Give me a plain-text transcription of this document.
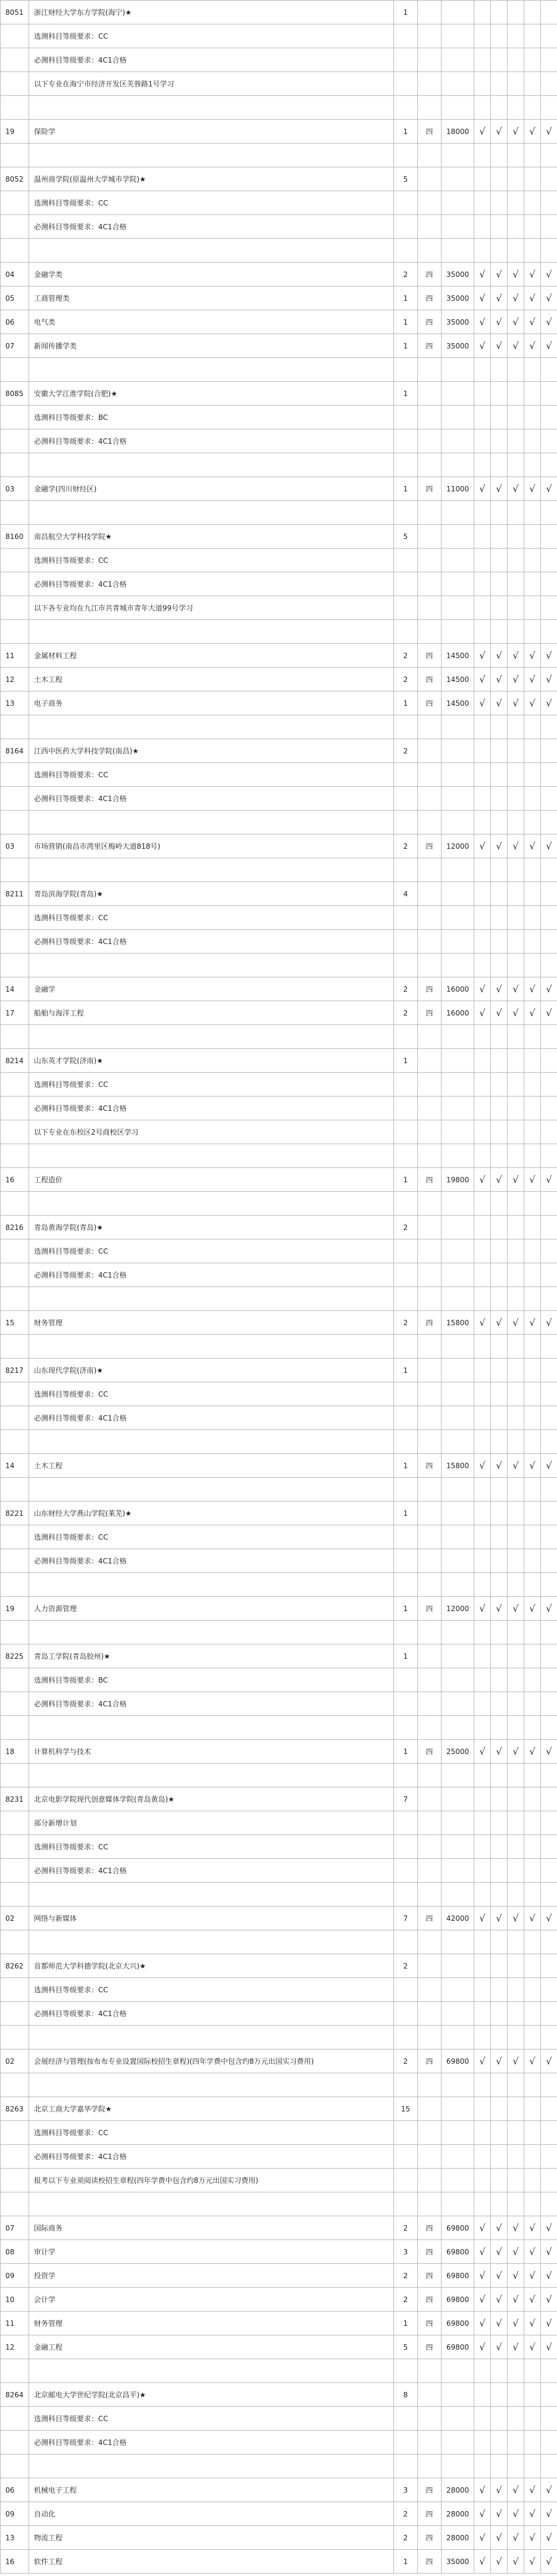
8051	浙江财经大学东方学院(海宁)★	1							
	选测科目等级要求：CC								
	必测科目等级要求：4C1合格								
	以下专业在海宁市经济开发区芙蓉路1号学习								

19	保险学	1	四	18000	√	√	√	√	√

8052	温州商学院(原温州大学城市学院)★	5							
	选测科目等级要求：CC								
	必测科目等级要求：4C1合格								

04	金融学类	2	四	35000	√	√	√	√	√
05	工商管理类	1	四	35000	√	√	√	√	√
06	电气类	1	四	35000	√	√	√	√	√
07	新闻传播学类	1	四	35000	√	√	√	√	√

8085	安徽大学江淮学院(合肥)★	1							
	选测科目等级要求：BC								
	必测科目等级要求：4C1合格								

03	金融学(四川财经区)	1	四	11000	√	√	√	√	√

8160	南昌航空大学科技学院★	5							
	选测科目等级要求：CC								
	必测科目等级要求：4C1合格								
	以下各专业均在九江市共青城市青年大道99号学习								

11	金属材料工程	2	四	14500	√	√	√	√	√
12	土木工程	2	四	14500	√	√	√	√	√
13	电子商务	1	四	14500	√	√	√	√	√

8164	江西中医药大学科技学院(南昌)★	2							
	选测科目等级要求：CC								
	必测科目等级要求：4C1合格								

03	市场营销(南昌市湾里区梅岭大道818号)	2	四	12000	√	√	√	√	√

8211	青岛滨海学院(青岛)★	4							
	选测科目等级要求：CC								
	必测科目等级要求：4C1合格								

14	金融学	2	四	16000	√	√	√	√	√
17	船舶与海洋工程	2	四	16000	√	√	√	√	√

8214	山东英才学院(济南)★	1							
	选测科目等级要求：CC								
	必测科目等级要求：4C1合格								
	以下专业在东校区2号商校区学习								

16	工程造价	1	四	19800	√	√	√	√	√

8216	青岛黄海学院(青岛)★	2							
	选测科目等级要求：CC								
	必测科目等级要求：4C1合格								

15	财务管理	2	四	15800	√	√	√	√	√

8217	山东现代学院(济南)★	1							
	选测科目等级要求：CC								
	必测科目等级要求：4C1合格								

14	土木工程	1	四	15800	√	√	√	√	√

8221	山东财经大学燕山学院(莱芜)★	1							
	选测科目等级要求：CC								
	必测科目等级要求：4C1合格								

19	人力资源管理	1	四	12000	√	√	√	√	√

8225	青岛工学院(青岛胶州)★	1							
	选测科目等级要求：BC								
	必测科目等级要求：4C1合格								

18	计算机科学与技术	1	四	25000	√	√	√	√	√

8231	北京电影学院现代创意媒体学院(青岛黄岛)★	7							
	部分新增计划								
	选测科目等级要求：CC								
	必测科目等级要求：4C1合格								

02	网络与新媒体	7	四	42000	√	√	√	√	√

8262	首都师范大学科德学院(北京大兴)★	2							
	选测科目等级要求：CC								
	必测科目等级要求：4C1合格								

02	会展经济与管理(按布布专业设置国际校招生章程)(四年学费中包含约8万元出国实习费用)	2	四	69800	√	√	√	√	√

8263	北京工商大学嘉华学院★	15							
	选测科目等级要求：CC								
	必测科目等级要求：4C1合格								
	报考以下专业须阅读校招生章程(四年学费中包含约8万元出国实习费用)								

07	国际商务	2	四	69800	√	√	√	√	√
08	审计学	3	四	69800	√	√	√	√	√
09	投资学	2	四	69800	√	√	√	√	√
10	会计学	2	四	69800	√	√	√	√	√
11	财务管理	1	四	69800	√	√	√	√	√
12	金融工程	5	四	69800	√	√	√	√	√

8264	北京邮电大学世纪学院(北京昌平)★	8							
	选测科目等级要求：CC								
	必测科目等级要求：4C1合格								

06	机械电子工程	3	四	28000	√	√	√	√	√
09	自动化	2	四	28000	√	√	√	√	√
13	物流工程	2	四	28000	√	√	√	√	√
16	软件工程	1	四	35000	√	√	√	√	√
